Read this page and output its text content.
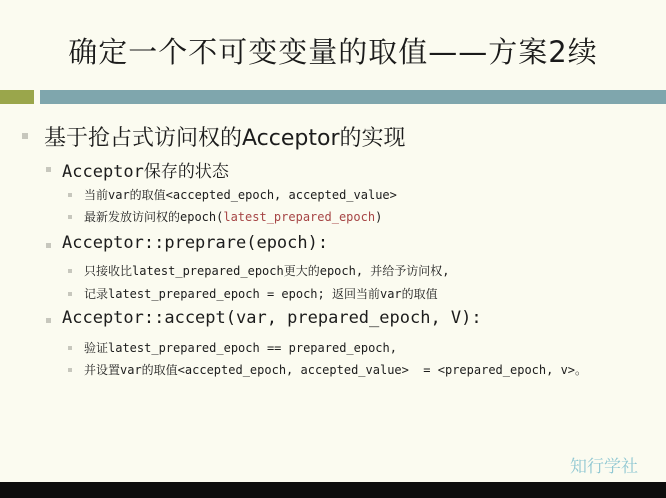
确定一个不可变变量的取值——方案2续
基于抢占式访问权的Acceptor的实现
Acceptor保存的状态
当前var的取值<accepted_epoch, accepted_value>
最新发放访问权的epoch(latest_prepared_epoch)
Acceptor::preprare(epoch):
只接收比latest_prepared_epoch更大的epoch, 并给予访问权,
记录latest_prepared_epoch = epoch; 返回当前var的取值
Acceptor::accept(var, prepared_epoch, V):
验证latest_prepared_epoch == prepared_epoch,
并设置var的取值<accepted_epoch, accepted_value>  = <prepared_epoch, v>。
知行学社
